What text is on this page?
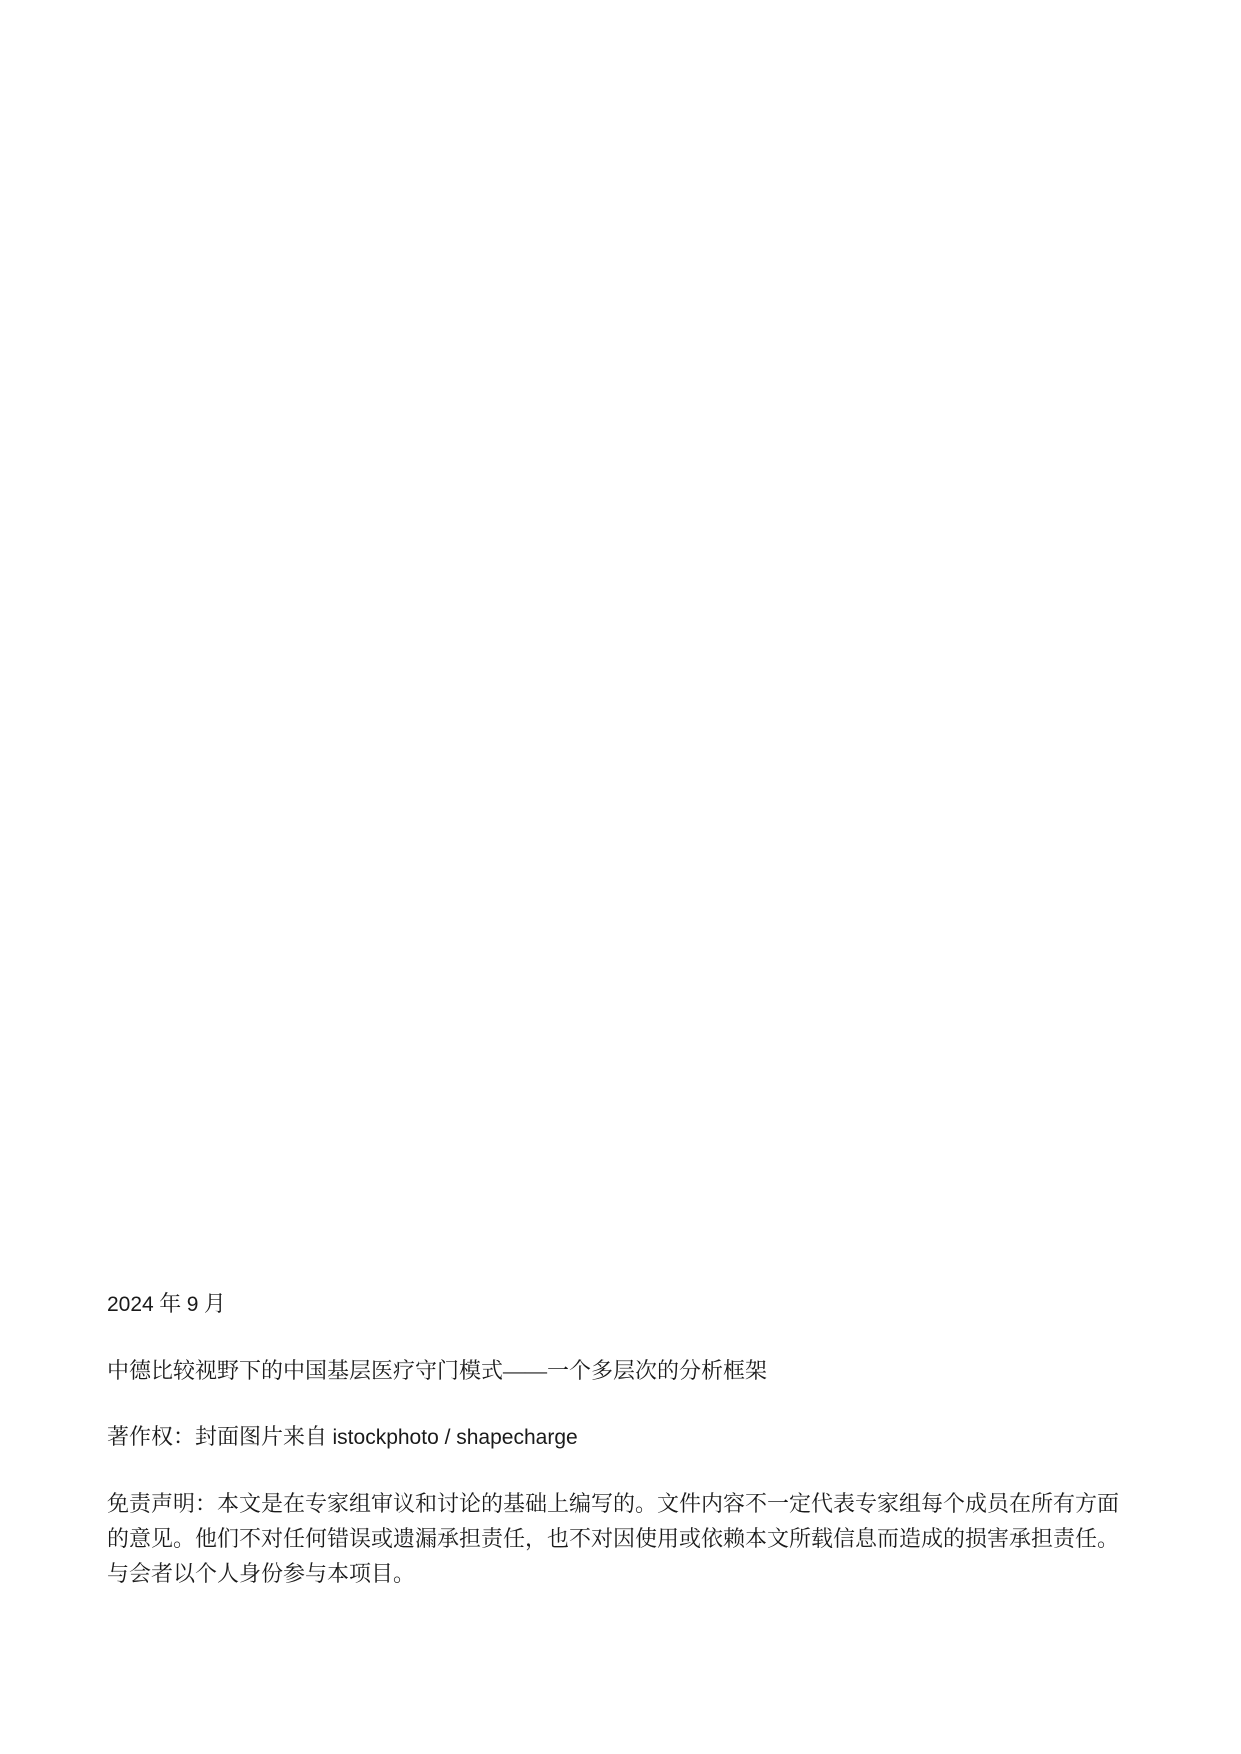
2024 年 9 月

中德比较视野下的中国基层医疗守门模式——一个多层次的分析框架

著作权：封面图片来自 istockphoto / shapecharge

免责声明：本文是在专家组审议和讨论的基础上编写的。文件内容不一定代表专家组每个成员在所有方面的意见。他们不对任何错误或遗漏承担责任，也不对因使用或依赖本文所载信息而造成的损害承担责任。与会者以个人身份参与本项目。
